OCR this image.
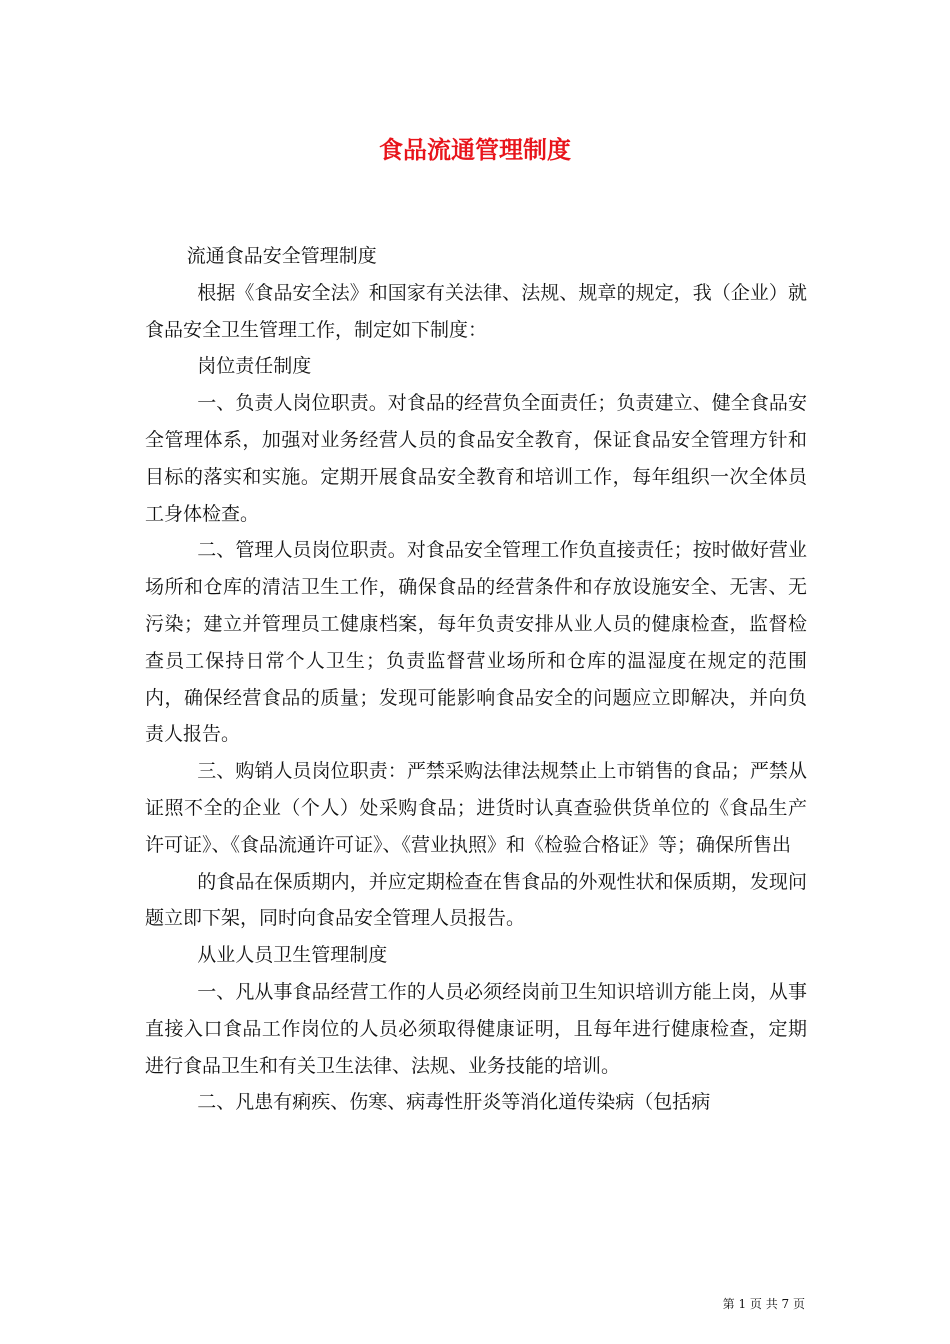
食品流通管理制度

流通食品安全管理制度

根据《食品安全法》和国家有关法律、法规、规章的规定，我（企业）就食品安全卫生管理工作，制定如下制度：

岗位责任制度

一、负责人岗位职责。对食品的经营负全面责任；负责建立、健全食品安全管理体系，加强对业务经营人员的食品安全教育，保证食品安全管理方针和目标的落实和实施。定期开展食品安全教育和培训工作，每年组织一次全体员工身体检查。

二、管理人员岗位职责。对食品安全管理工作负直接责任；按时做好营业场所和仓库的清洁卫生工作，确保食品的经营条件和存放设施安全、无害、无污染；建立并管理员工健康档案，每年负责安排从业人员的健康检查，监督检查员工保持日常个人卫生；负责监督营业场所和仓库的温湿度在规定的范围内，确保经营食品的质量；发现可能影响食品安全的问题应立即解决，并向负责人报告。

三、购销人员岗位职责：严禁采购法律法规禁止上市销售的食品；严禁从证照不全的企业（个人）处采购食品；进货时认真查验供货单位的《食品生产许可证》、《食品流通许可证》、《营业执照》和《检验合格证》等；确保所售出

的食品在保质期内，并应定期检查在售食品的外观性状和保质期，发现问题立即下架，同时向食品安全管理人员报告。

从业人员卫生管理制度

一、凡从事食品经营工作的人员必须经岗前卫生知识培训方能上岗，从事直接入口食品工作岗位的人员必须取得健康证明，且每年进行健康检查，定期进行食品卫生和有关卫生法律、法规、业务技能的培训。

二、凡患有痢疾、伤寒、病毒性肝炎等消化道传染病（包括病

第 1 页 共 7 页
